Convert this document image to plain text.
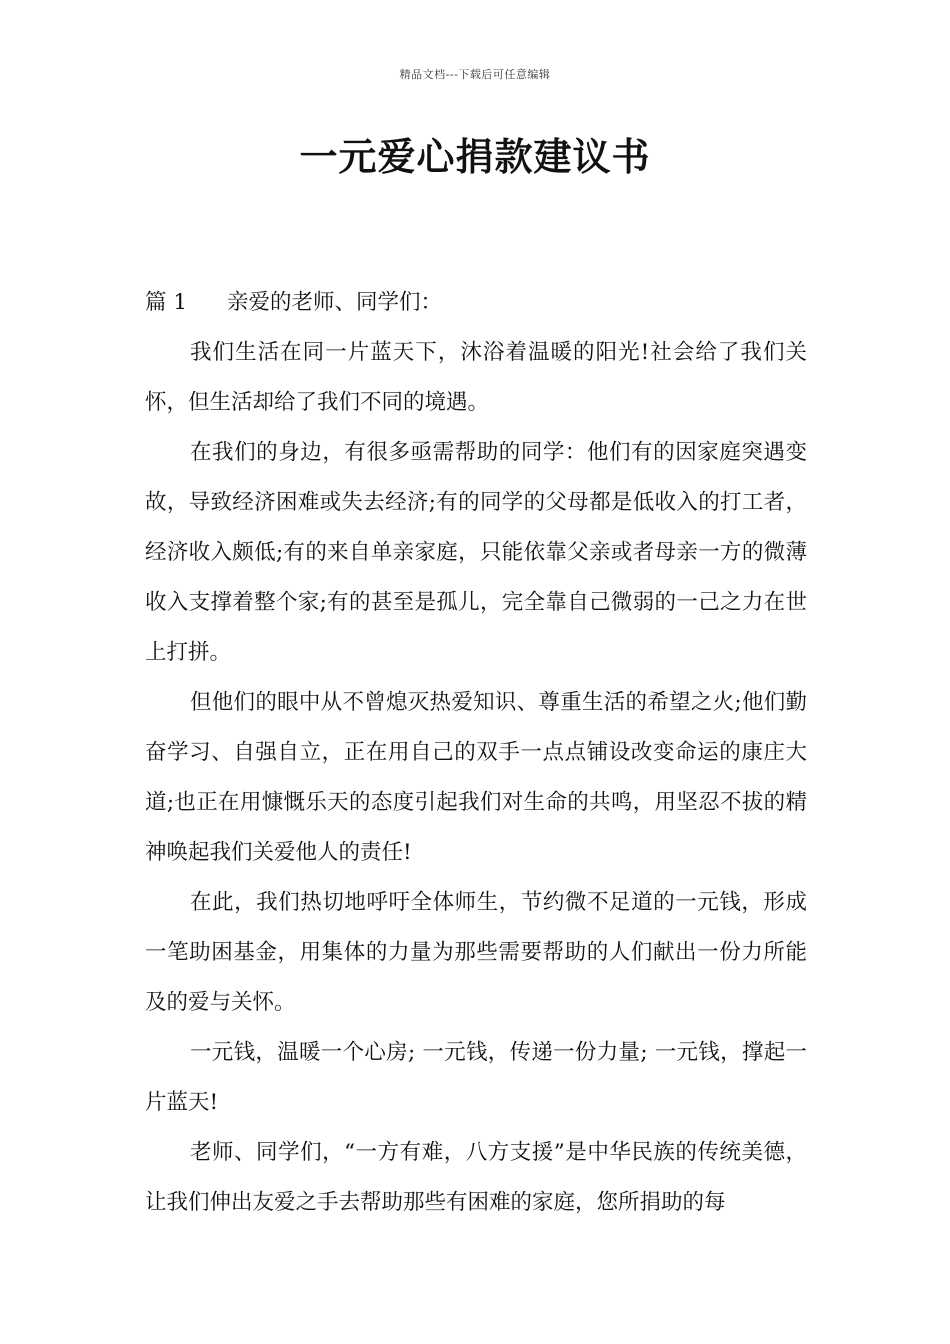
精品文档---下载后可任意编辑
一元爱心捐款建议书

篇 1 亲爱的老师、同学们：

我们生活在同一片蓝天下，沐浴着温暖的阳光!社会给了我们关怀，但生活却给了我们不同的境遇。

在我们的身边，有很多亟需帮助的同学：他们有的因家庭突遇变故，导致经济困难或失去经济;有的同学的父母都是低收入的打工者，经济收入颇低;有的来自单亲家庭，只能依靠父亲或者母亲一方的微薄收入支撑着整个家;有的甚至是孤儿，完全靠自己微弱的一己之力在世上打拼。

但他们的眼中从不曾熄灭热爱知识、尊重生活的希望之火;他们勤奋学习、自强自立，正在用自己的双手一点点铺设改变命运的康庄大道;也正在用慷慨乐天的态度引起我们对生命的共鸣，用坚忍不拔的精神唤起我们关爱他人的责任!

在此，我们热切地呼吁全体师生，节约微不足道的一元钱，形成一笔助困基金，用集体的力量为那些需要帮助的人们献出一份力所能及的爱与关怀。

一元钱，温暖一个心房; 一元钱，传递一份力量; 一元钱，撑起一片蓝天!

老师、同学们，“一方有难，八方支援”是中华民族的传统美德，让我们伸出友爱之手去帮助那些有困难的家庭，您所捐助的每
